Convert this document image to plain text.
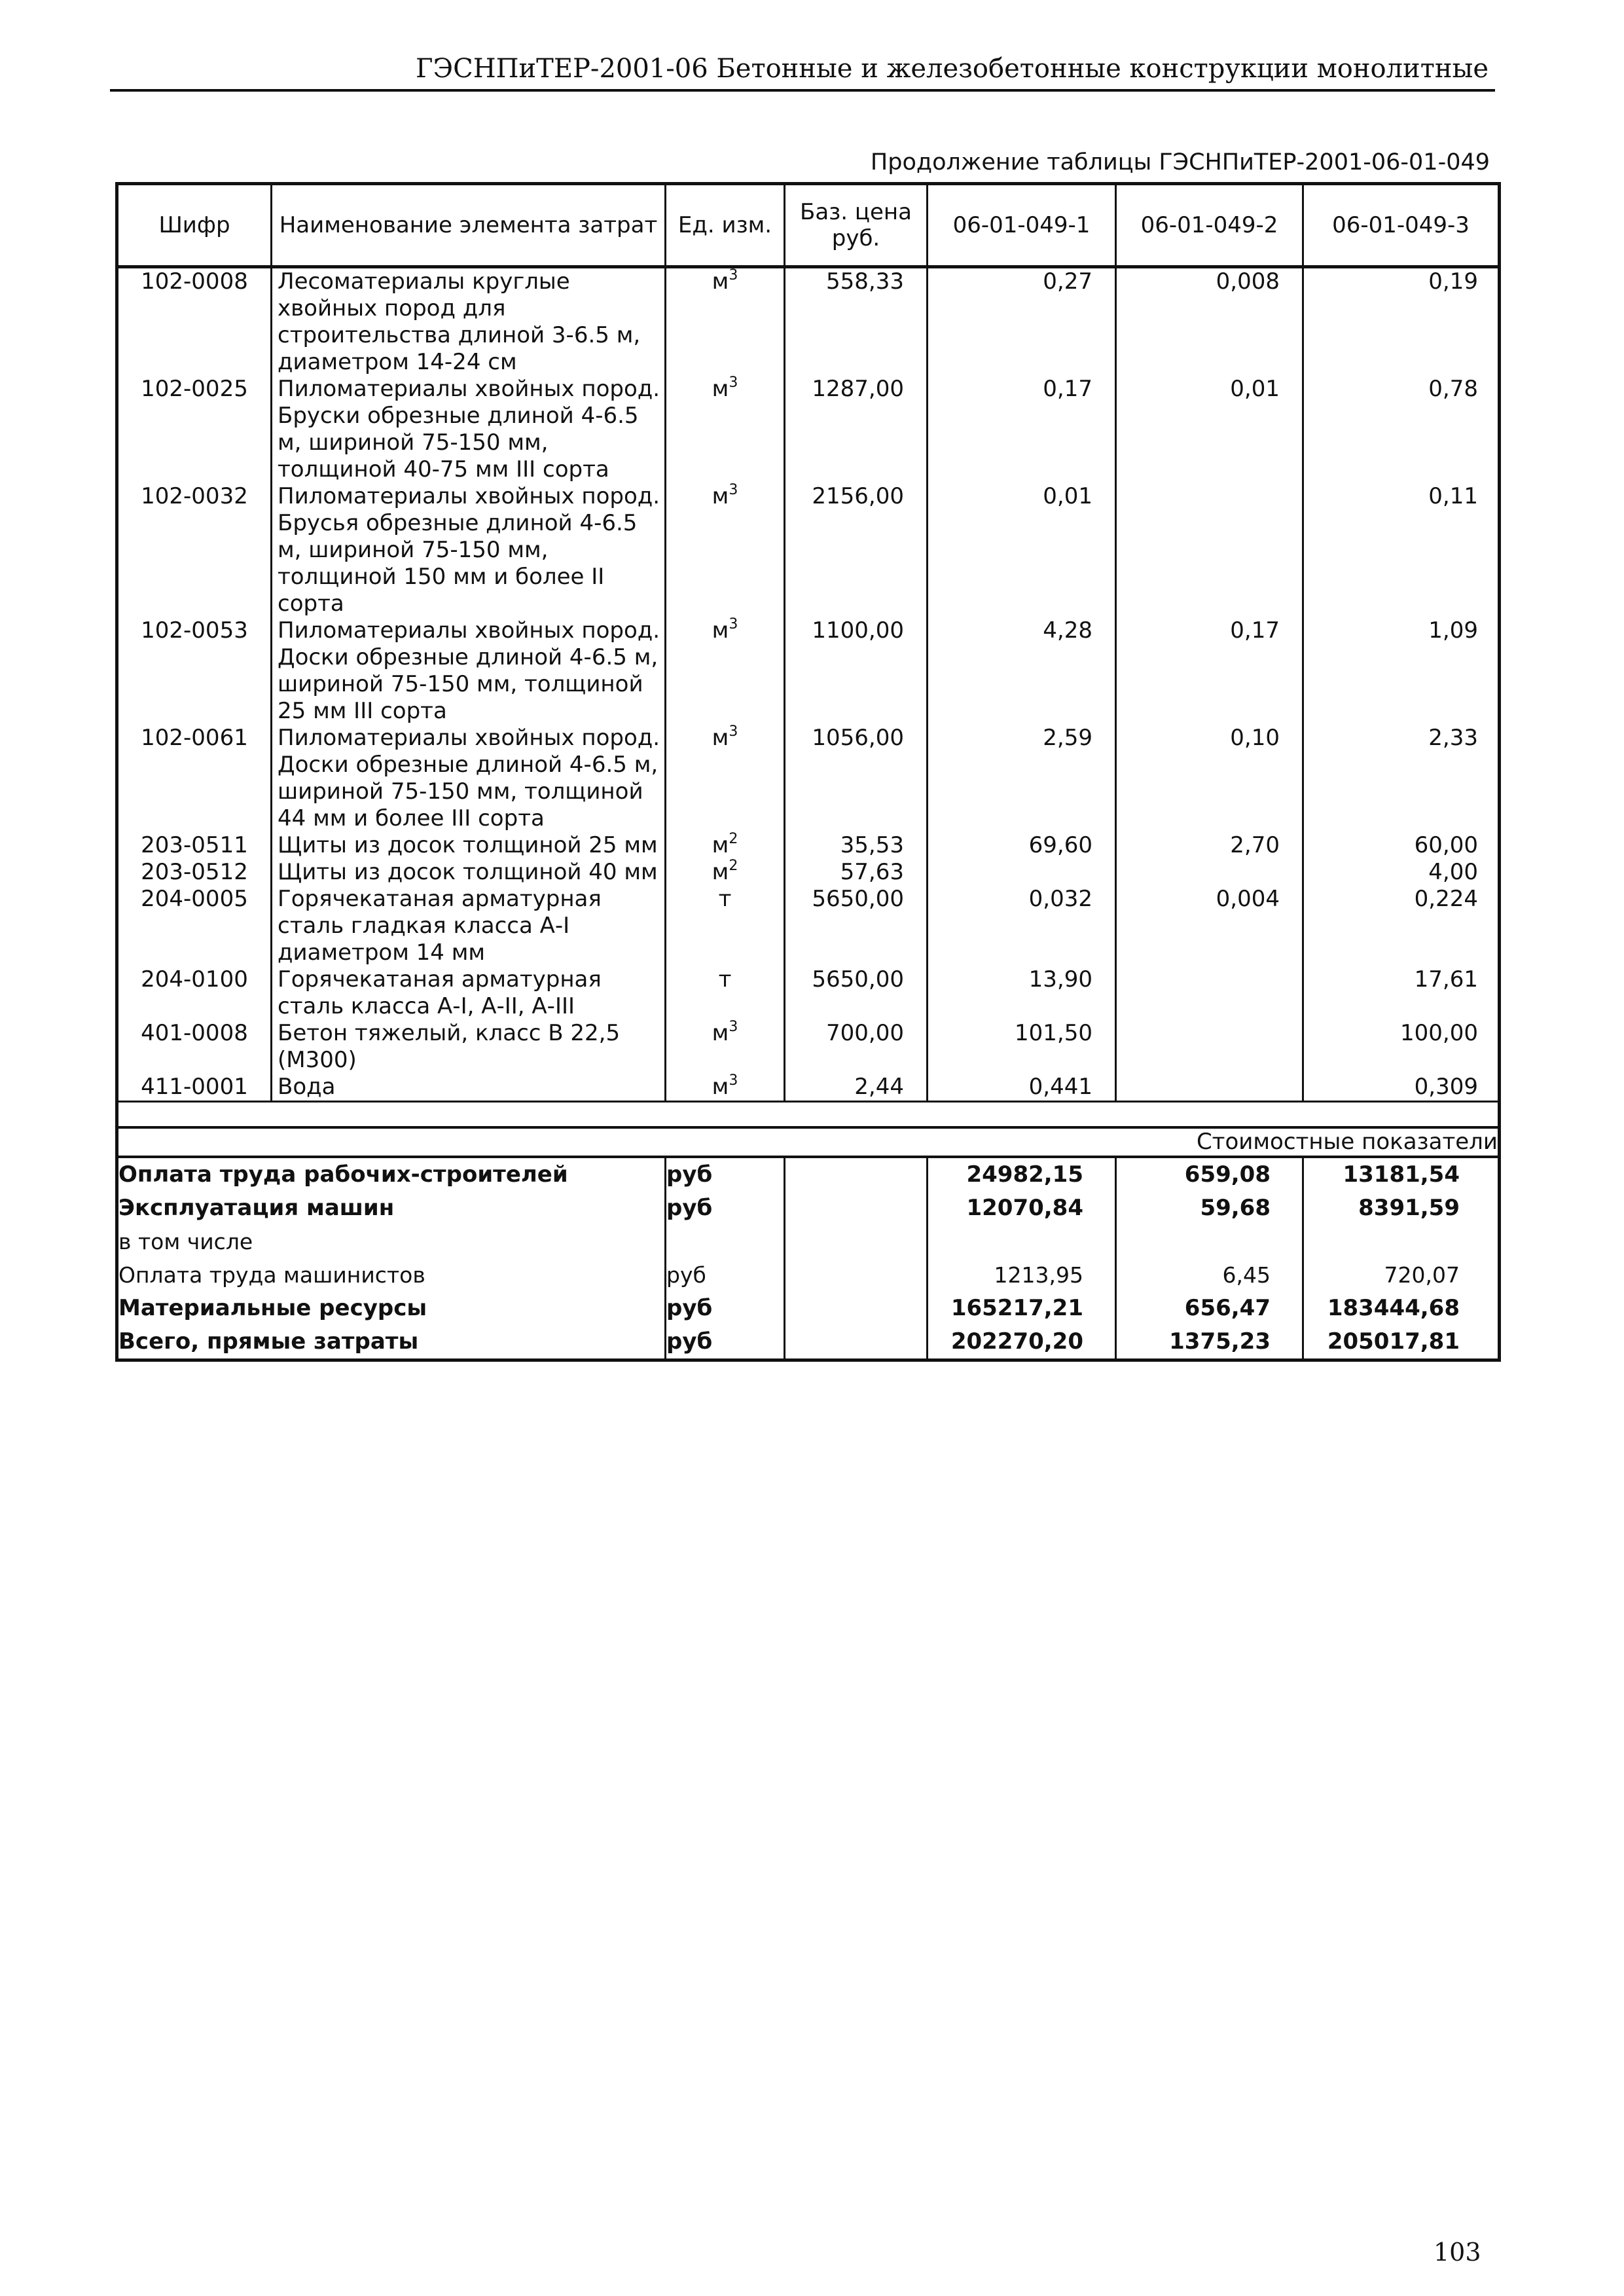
ГЭСНПиТЕР-2001-06 Бетонные и железобетонные конструкции монолитные
Продолжение таблицы ГЭСНПиТЕР-2001-06-01-049
Шифр	Наименование элемента затрат	Ед. изм.	Баз. цена руб.	06-01-049-1	06-01-049-2	06-01-049-3
102-0008	Лесоматериалы круглые хвойных пород для строительства длиной 3-6.5 м, диаметром 14-24 см	$м^3$	558,33	0,27	0,008	0,19
102-0025	Пиломатериалы хвойных пород. Бруски обрезные длиной 4-6.5 м, шириной 75-150 мм, толщиной 40-75 мм III сорта	$м^3$	1287,00	0,17	0,01	0,78
102-0032	Пиломатериалы хвойных пород. Брусья обрезные длиной 4-6.5 м, шириной 75-150 мм, толщиной 150 мм и более II сорта	$м^3$	2156,00	0,01		0,11
102-0053	Пиломатериалы хвойных пород. Доски обрезные длиной 4-6.5 м, шириной 75-150 мм, толщиной 25 мм III сорта	$м^3$	1100,00	4,28	0,17	1,09
102-0061	Пиломатериалы хвойных пород. Доски обрезные длиной 4-6.5 м, шириной 75-150 мм, толщиной 44 мм и более III сорта	$м^3$	1056,00	2,59	0,10	2,33
203-0511	Щиты из досок толщиной 25 мм	$м^2$	35,53	69,60	2,70	60,00
203-0512	Щиты из досок толщиной 40 мм	$м^2$	57,63			4,00
204-0005	Горячекатаная арматурная сталь гладкая класса А-I диаметром 14 мм	т	5650,00	0,032	0,004	0,224
204-0100	Горячекатаная арматурная сталь класса А-I, А-II, А-III	т	5650,00	13,90		17,61
401-0008	Бетон тяжелый, класс В 22,5 (М300)	$м^3$	700,00	101,50		100,00
411-0001	Вода	$м^3$	2,44	0,441		0,309

Стоимостные показатели						
Оплата труда рабочих-строителей		руб		24982,15	659,08	13181,54
Эксплуатация машин		руб		12070,84	59,68	8391,59
в том числе						
Оплата труда машинистов		руб		1213,95	6,45	720,07
Материальные ресурсы		руб		165217,21	656,47	183444,68
Всего, прямые затраты		руб		202270,20	1375,23	205017,81
103
